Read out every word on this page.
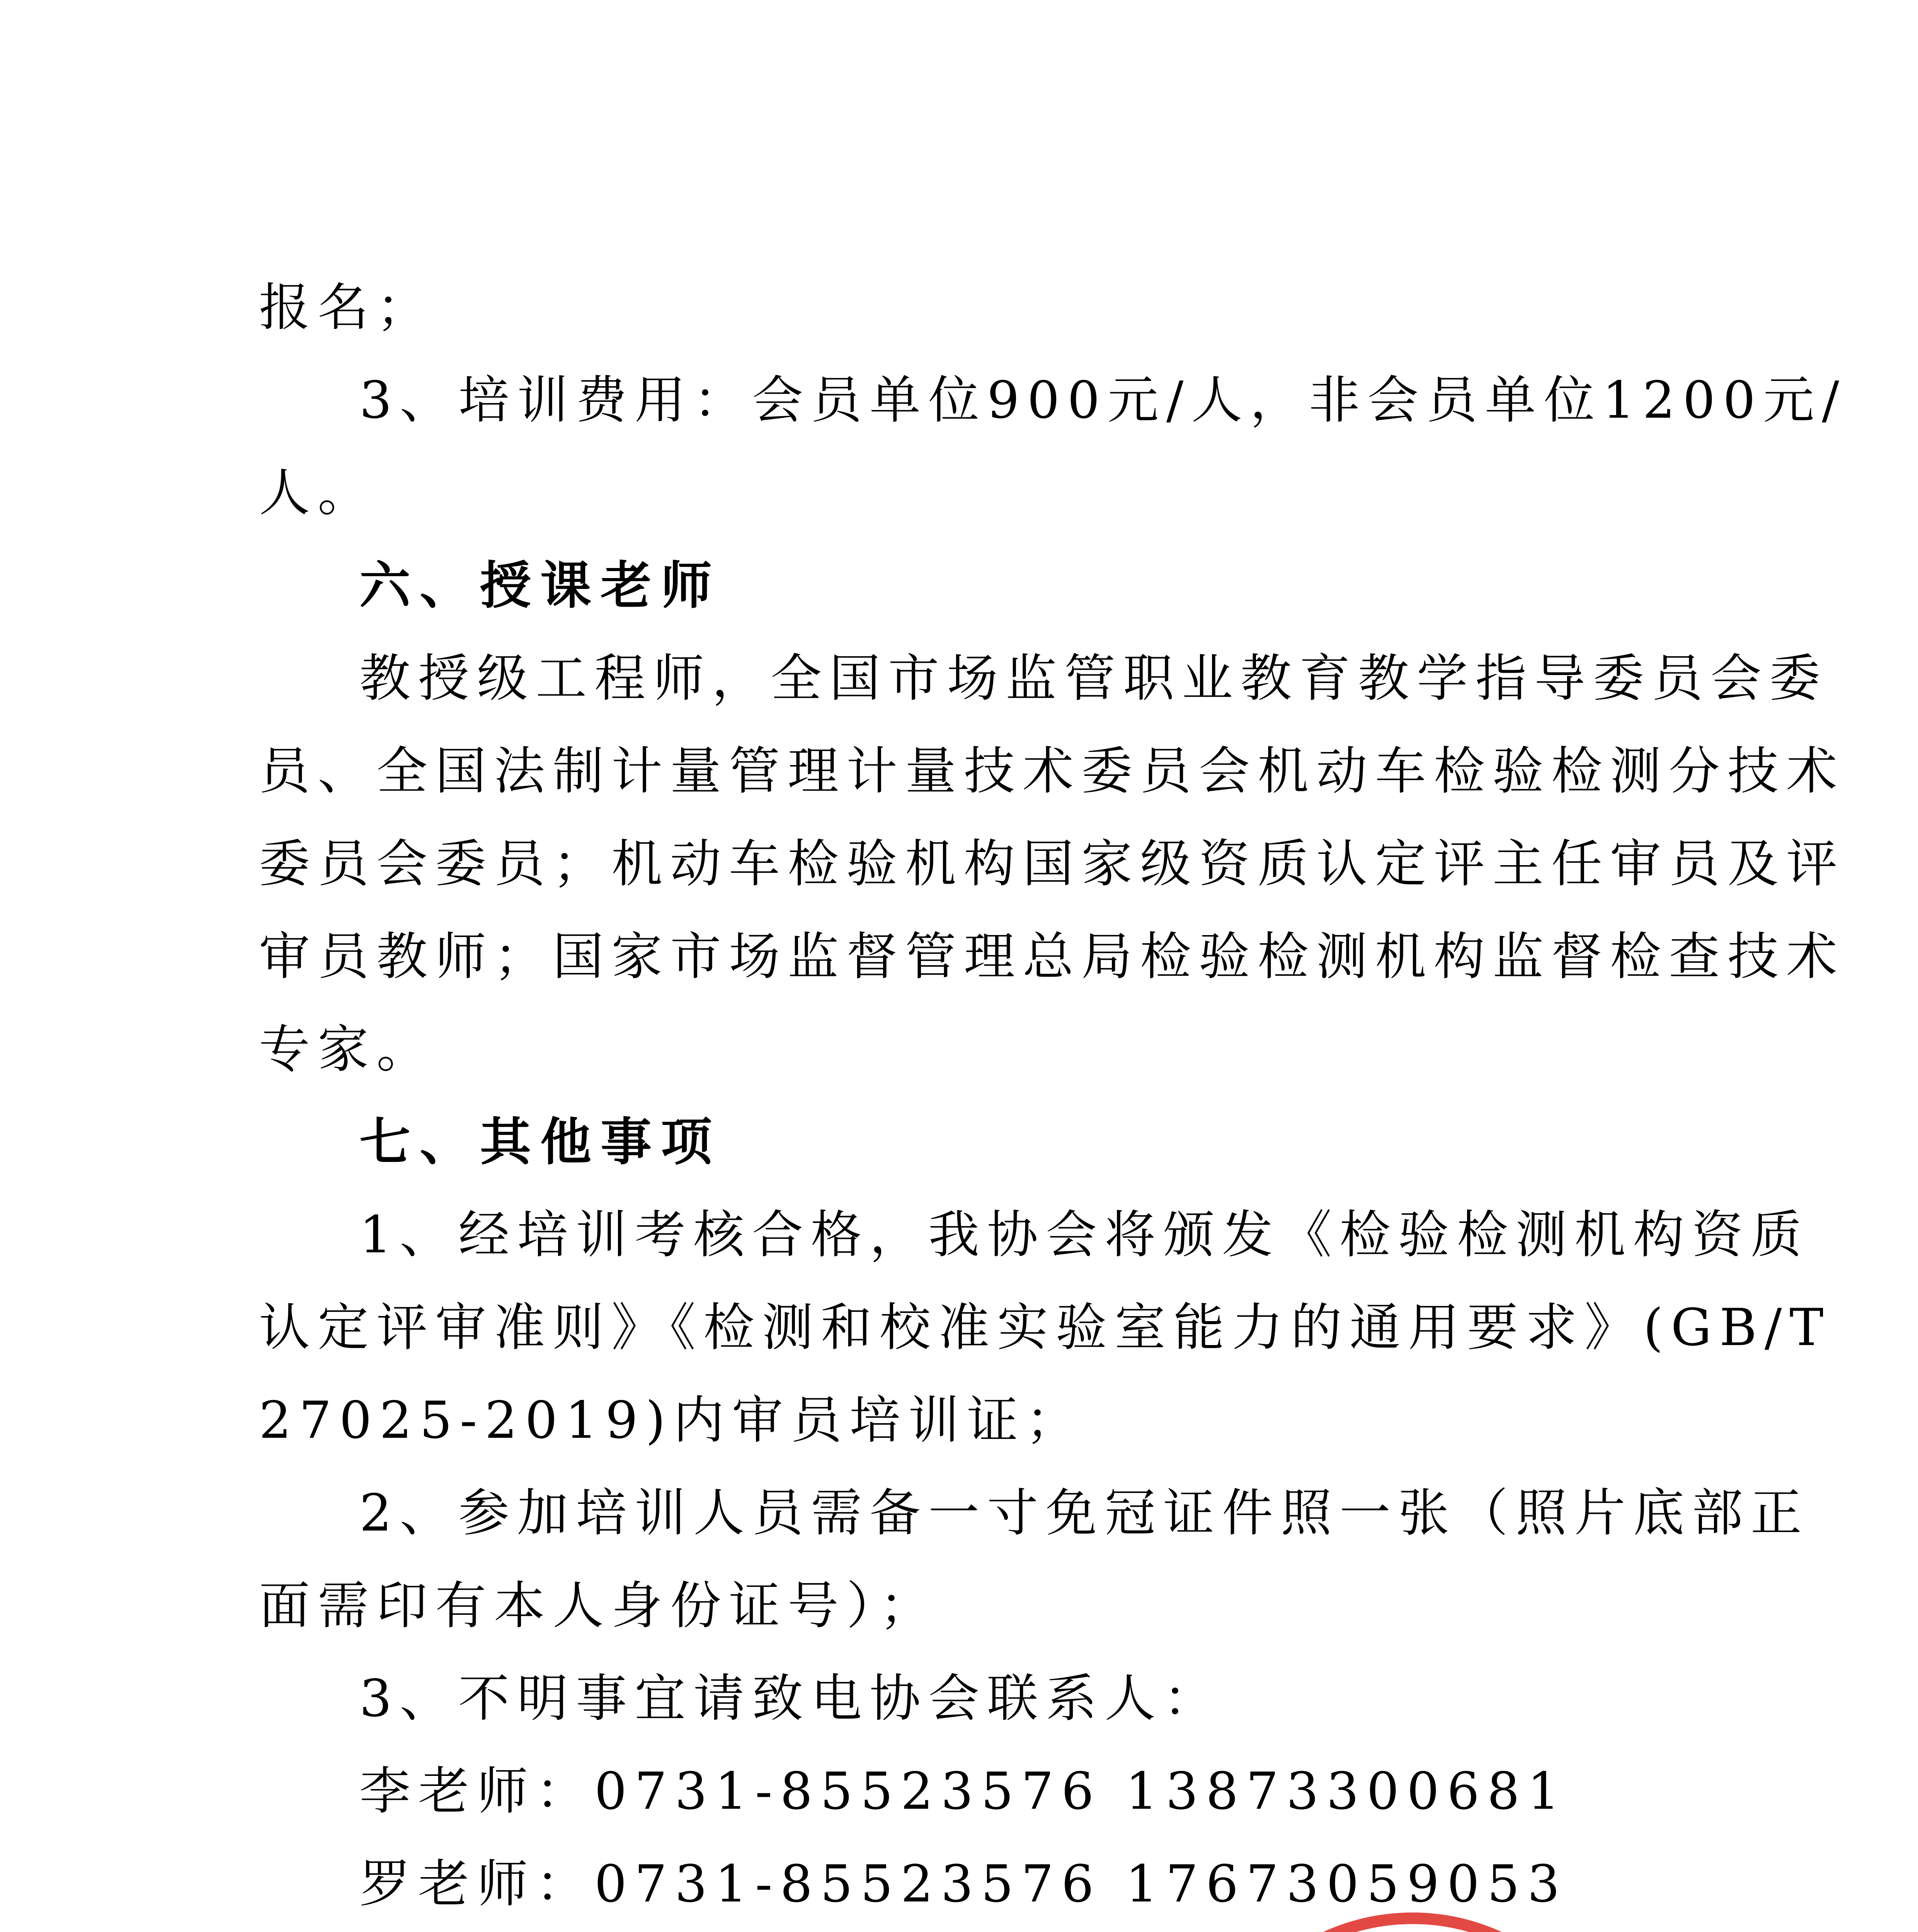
报名；
3、培训费用：会员单位900元/人，非会员单位1200元/
人。
六、授课老师
教授级工程师，全国市场监管职业教育教学指导委员会委
员、全国法制计量管理计量技术委员会机动车检验检测分技术
委员会委员；机动车检验机构国家级资质认定评主任审员及评
审员教师；国家市场监督管理总局检验检测机构监督检查技术
专家。
七、其他事项
1、经培训考核合格，我协会将颁发《检验检测机构资质
认定评审准则》《检测和校准实验室能力的通用要求》(GB/T
27025-2019)内审员培训证；
2、参加培训人员需备一寸免冠证件照一张（照片底部正
面需印有本人身份证号）；
3、不明事宜请致电协会联系人：
李老师：0731-85523576 13873300681
罗老师：0731-85523576 17673059053
